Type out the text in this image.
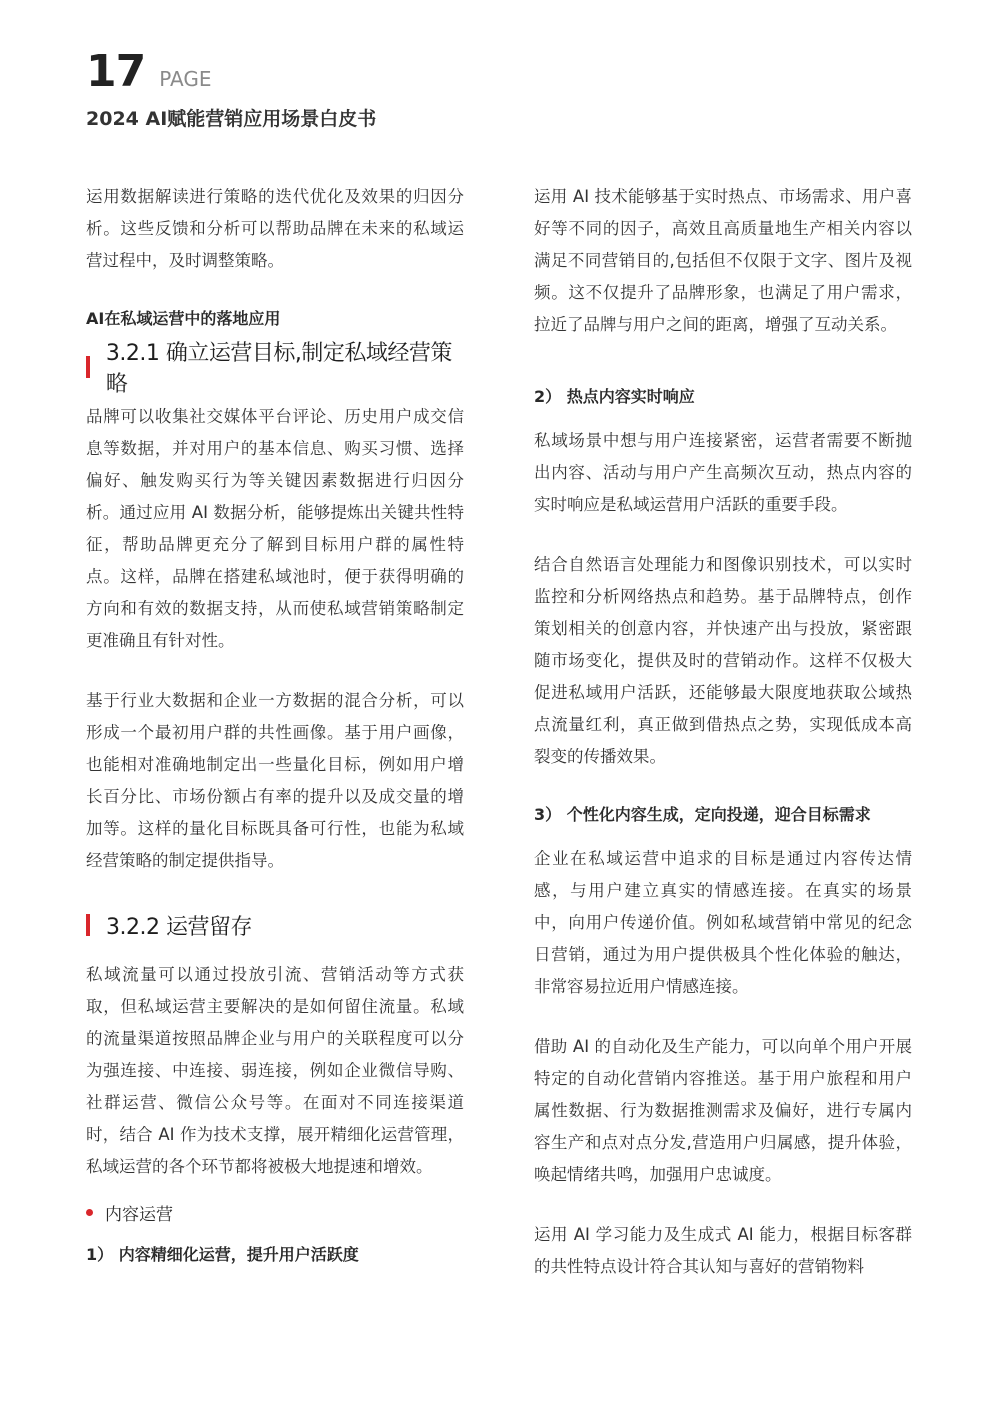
17 PAGE
2024 AI赋能营销应用场景白皮书

运用数据解读进行策略的迭代优化及效果的归因分析。这些反馈和分析可以帮助品牌在未来的私域运营过程中，及时调整策略。

AI在私域运营中的落地应用

3.2.1 确立运营目标,制定私域经营策略

品牌可以收集社交媒体平台评论、历史用户成交信息等数据，并对用户的基本信息、购买习惯、选择偏好、触发购买行为等关键因素数据进行归因分析。通过应用 AI 数据分析，能够提炼出关键共性特征，帮助品牌更充分了解到目标用户群的属性特点。这样，品牌在搭建私域池时，便于获得明确的方向和有效的数据支持，从而使私域营销策略制定更准确且有针对性。

基于行业大数据和企业一方数据的混合分析，可以形成一个最初用户群的共性画像。基于用户画像，也能相对准确地制定出一些量化目标，例如用户增长百分比、市场份额占有率的提升以及成交量的增加等。这样的量化目标既具备可行性，也能为私域经营策略的制定提供指导。

3.2.2 运营留存

私域流量可以通过投放引流、营销活动等方式获取，但私域运营主要解决的是如何留住流量。私域的流量渠道按照品牌企业与用户的关联程度可以分为强连接、中连接、弱连接，例如企业微信导购、社群运营、微信公众号等。在面对不同连接渠道时，结合 AI 作为技术支撑，展开精细化运营管理，私域运营的各个环节都将被极大地提速和增效。

内容运营

1） 内容精细化运营，提升用户活跃度

运用 AI 技术能够基于实时热点、市场需求、用户喜好等不同的因子，高效且高质量地生产相关内容以满足不同营销目的,包括但不仅限于文字、图片及视频。这不仅提升了品牌形象，也满足了用户需求，拉近了品牌与用户之间的距离，增强了互动关系。

2） 热点内容实时响应

私域场景中想与用户连接紧密，运营者需要不断抛出内容、活动与用户产生高频次互动，热点内容的实时响应是私域运营用户活跃的重要手段。

结合自然语言处理能力和图像识别技术，可以实时监控和分析网络热点和趋势。基于品牌特点，创作策划相关的创意内容，并快速产出与投放，紧密跟随市场变化，提供及时的营销动作。这样不仅极大促进私域用户活跃，还能够最大限度地获取公域热点流量红利，真正做到借热点之势，实现低成本高裂变的传播效果。

3） 个性化内容生成，定向投递，迎合目标需求

企业在私域运营中追求的目标是通过内容传达情感，与用户建立真实的情感连接。在真实的场景中，向用户传递价值。例如私域营销中常见的纪念日营销，通过为用户提供极具个性化体验的触达，非常容易拉近用户情感连接。

借助 AI 的自动化及生产能力，可以向单个用户开展特定的自动化营销内容推送。基于用户旅程和用户属性数据、行为数据推测需求及偏好，进行专属内容生产和点对点分发,营造用户归属感，提升体验，唤起情绪共鸣，加强用户忠诚度。

运用 AI 学习能力及生成式 AI 能力，根据目标客群的共性特点设计符合其认知与喜好的营销物料
